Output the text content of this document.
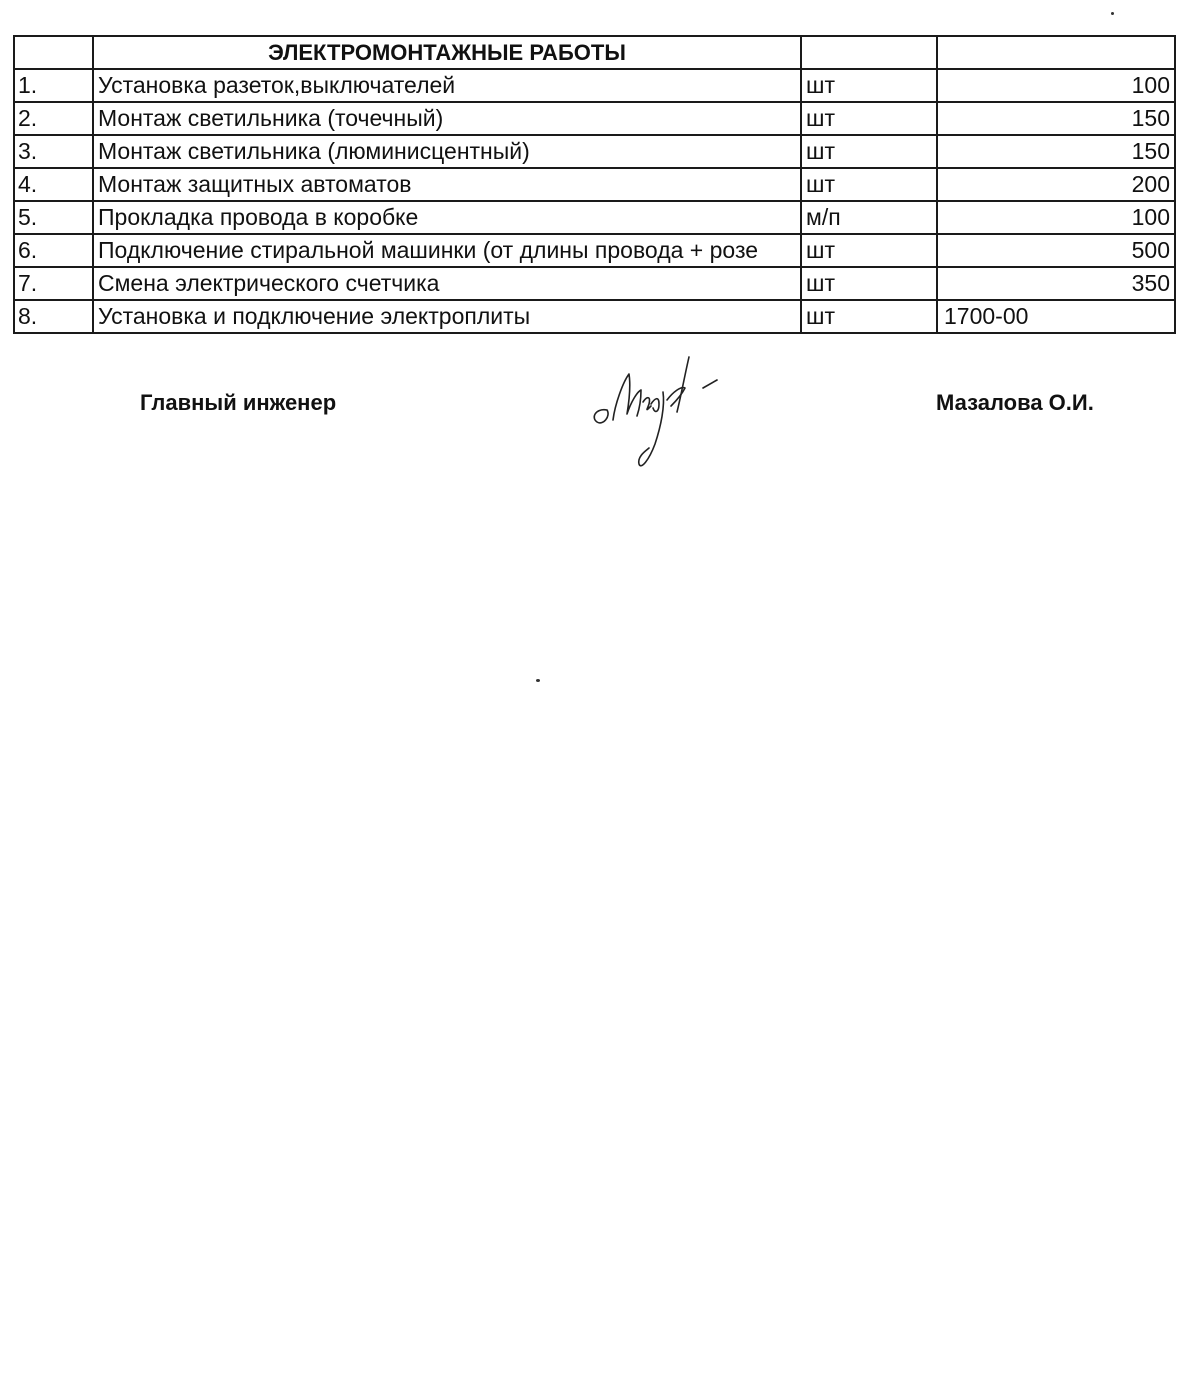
	ЭЛЕКТРОМОНТАЖНЫЕ РАБОТЫ		
1.	Установка разеток,выключателей	шт	100
2.	Монтаж светильника (точечный)	шт	150
3.	Монтаж светильника (люминисцентный)	шт	150
4.	Монтаж защитных автоматов	шт	200
5.	Прокладка провода в коробке	м/п	100
6.	Подключение стиральной машинки (от длины провода + розе	шт	500
7.	Смена электрического счетчика	шт	350
8.	Установка и подключение электроплиты	шт	1700-00
Главный инженер	Мазалова О.И.
